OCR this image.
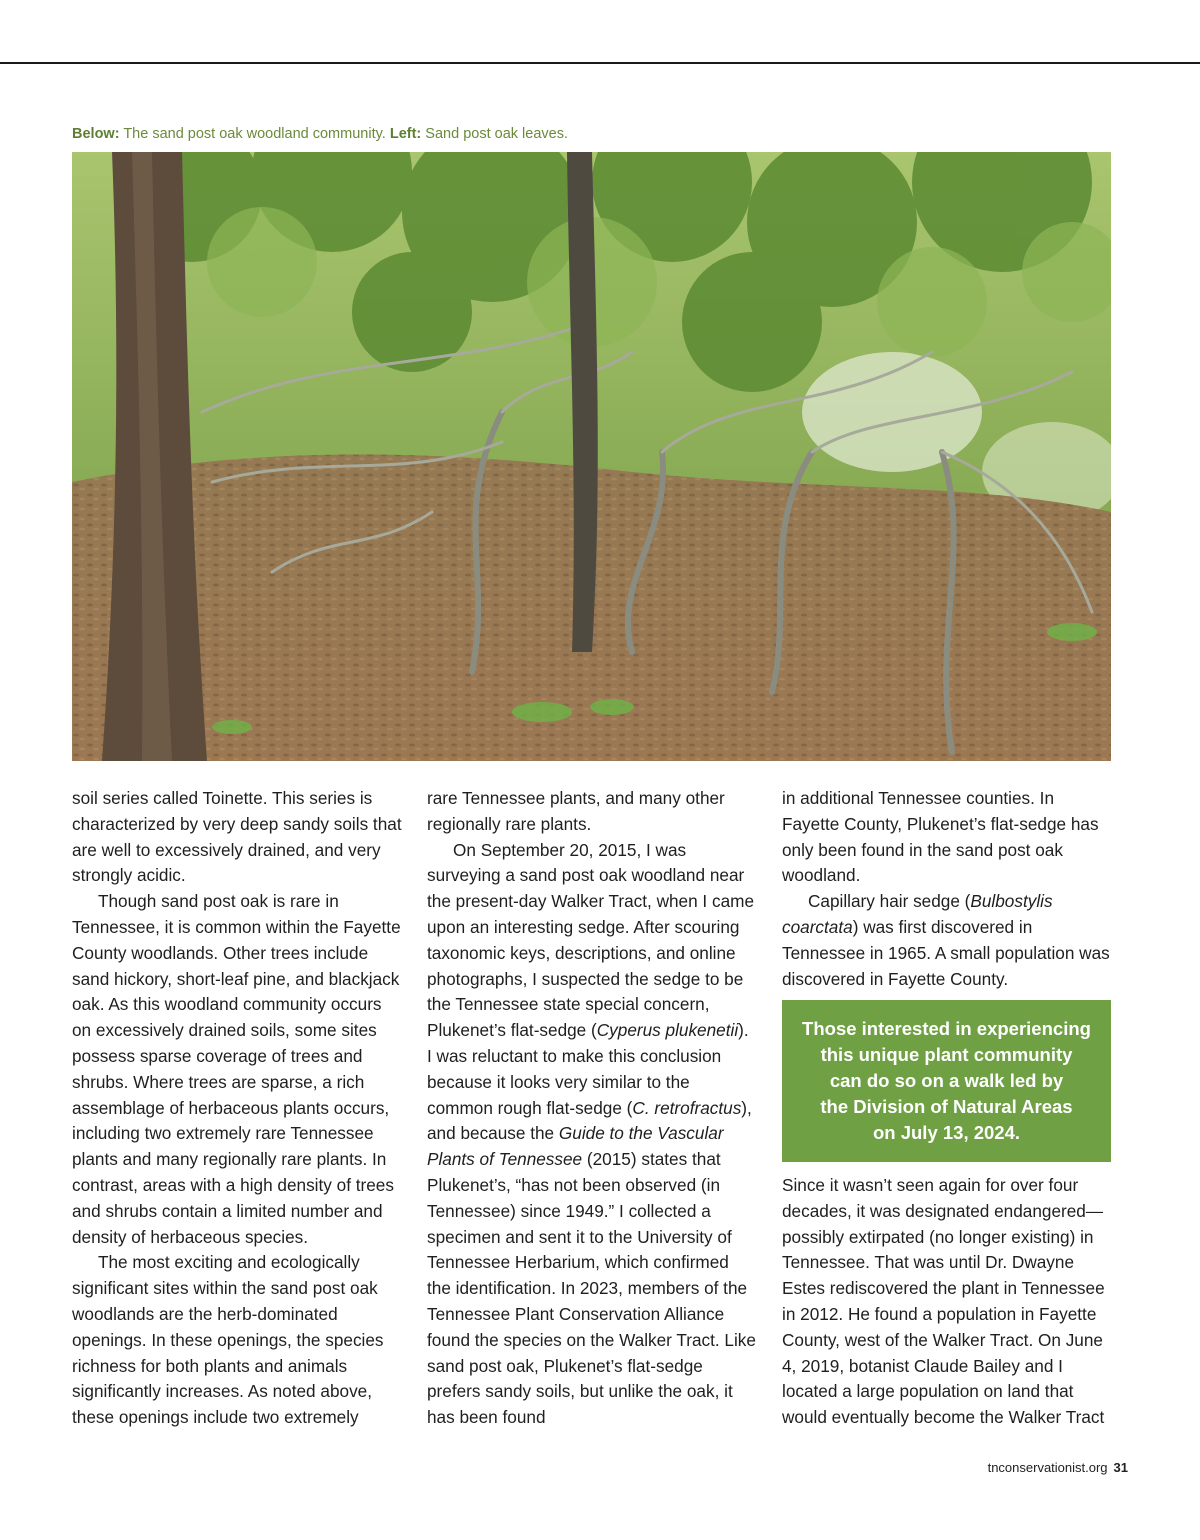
Below: The sand post oak woodland community. Left: Sand post oak leaves.

soil series called Toinette. This series is characterized by very deep sandy soils that are well to excessively drained, and very strongly acidic.

Though sand post oak is rare in Tennessee, it is common within the Fayette County woodlands. Other trees include sand hickory, short-leaf pine, and blackjack oak. As this woodland community occurs on excessively drained soils, some sites possess sparse coverage of trees and shrubs. Where trees are sparse, a rich assemblage of herbaceous plants occurs, including two extremely rare Tennessee plants and many regionally rare plants. In contrast, areas with a high density of trees and shrubs contain a limited number and density of herbaceous species.

The most exciting and ecologically significant sites within the sand post oak woodlands are the herb-dominated openings. In these openings, the species richness for both plants and animals significantly increases. As noted above, these openings include two extremely

rare Tennessee plants, and many other regionally rare plants.

On September 20, 2015, I was surveying a sand post oak woodland near the present-day Walker Tract, when I came upon an interesting sedge. After scouring taxonomic keys, descriptions, and online photographs, I suspected the sedge to be the Tennessee state special concern, Plukenet’s flat-sedge (Cyperus plukenetii). I was reluctant to make this conclusion because it looks very similar to the common rough flat-sedge (C. retrofractus), and because the Guide to the Vascular Plants of Tennessee (2015) states that Plukenet’s, “has not been observed (in Tennessee) since 1949.” I collected a specimen and sent it to the University of Tennessee Herbarium, which confirmed the identification. In 2023, members of the Tennessee Plant Conservation Alliance found the species on the Walker Tract. Like sand post oak, Plukenet’s flat-sedge prefers sandy soils, but unlike the oak, it has been found

in additional Tennessee counties. In Fayette County, Plukenet’s flat-sedge has only been found in the sand post oak woodland.

Capillary hair sedge (Bulbostylis coarctata) was first discovered in Tennessee in 1965. A small population was discovered in Fayette County.

Those interested in experiencing
this unique plant community
can do so on a walk led by
the Division of Natural Areas
on July 13, 2024.

Since it wasn’t seen again for over four decades, it was designated endangered—possibly extirpated (no longer existing) in Tennessee. That was until Dr. Dwayne Estes rediscovered the plant in Tennessee in 2012. He found a population in Fayette County, west of the Walker Tract. On June 4, 2019, botanist Claude Bailey and I located a large population on land that would eventually become the Walker Tract

tnconservationist.org 31
